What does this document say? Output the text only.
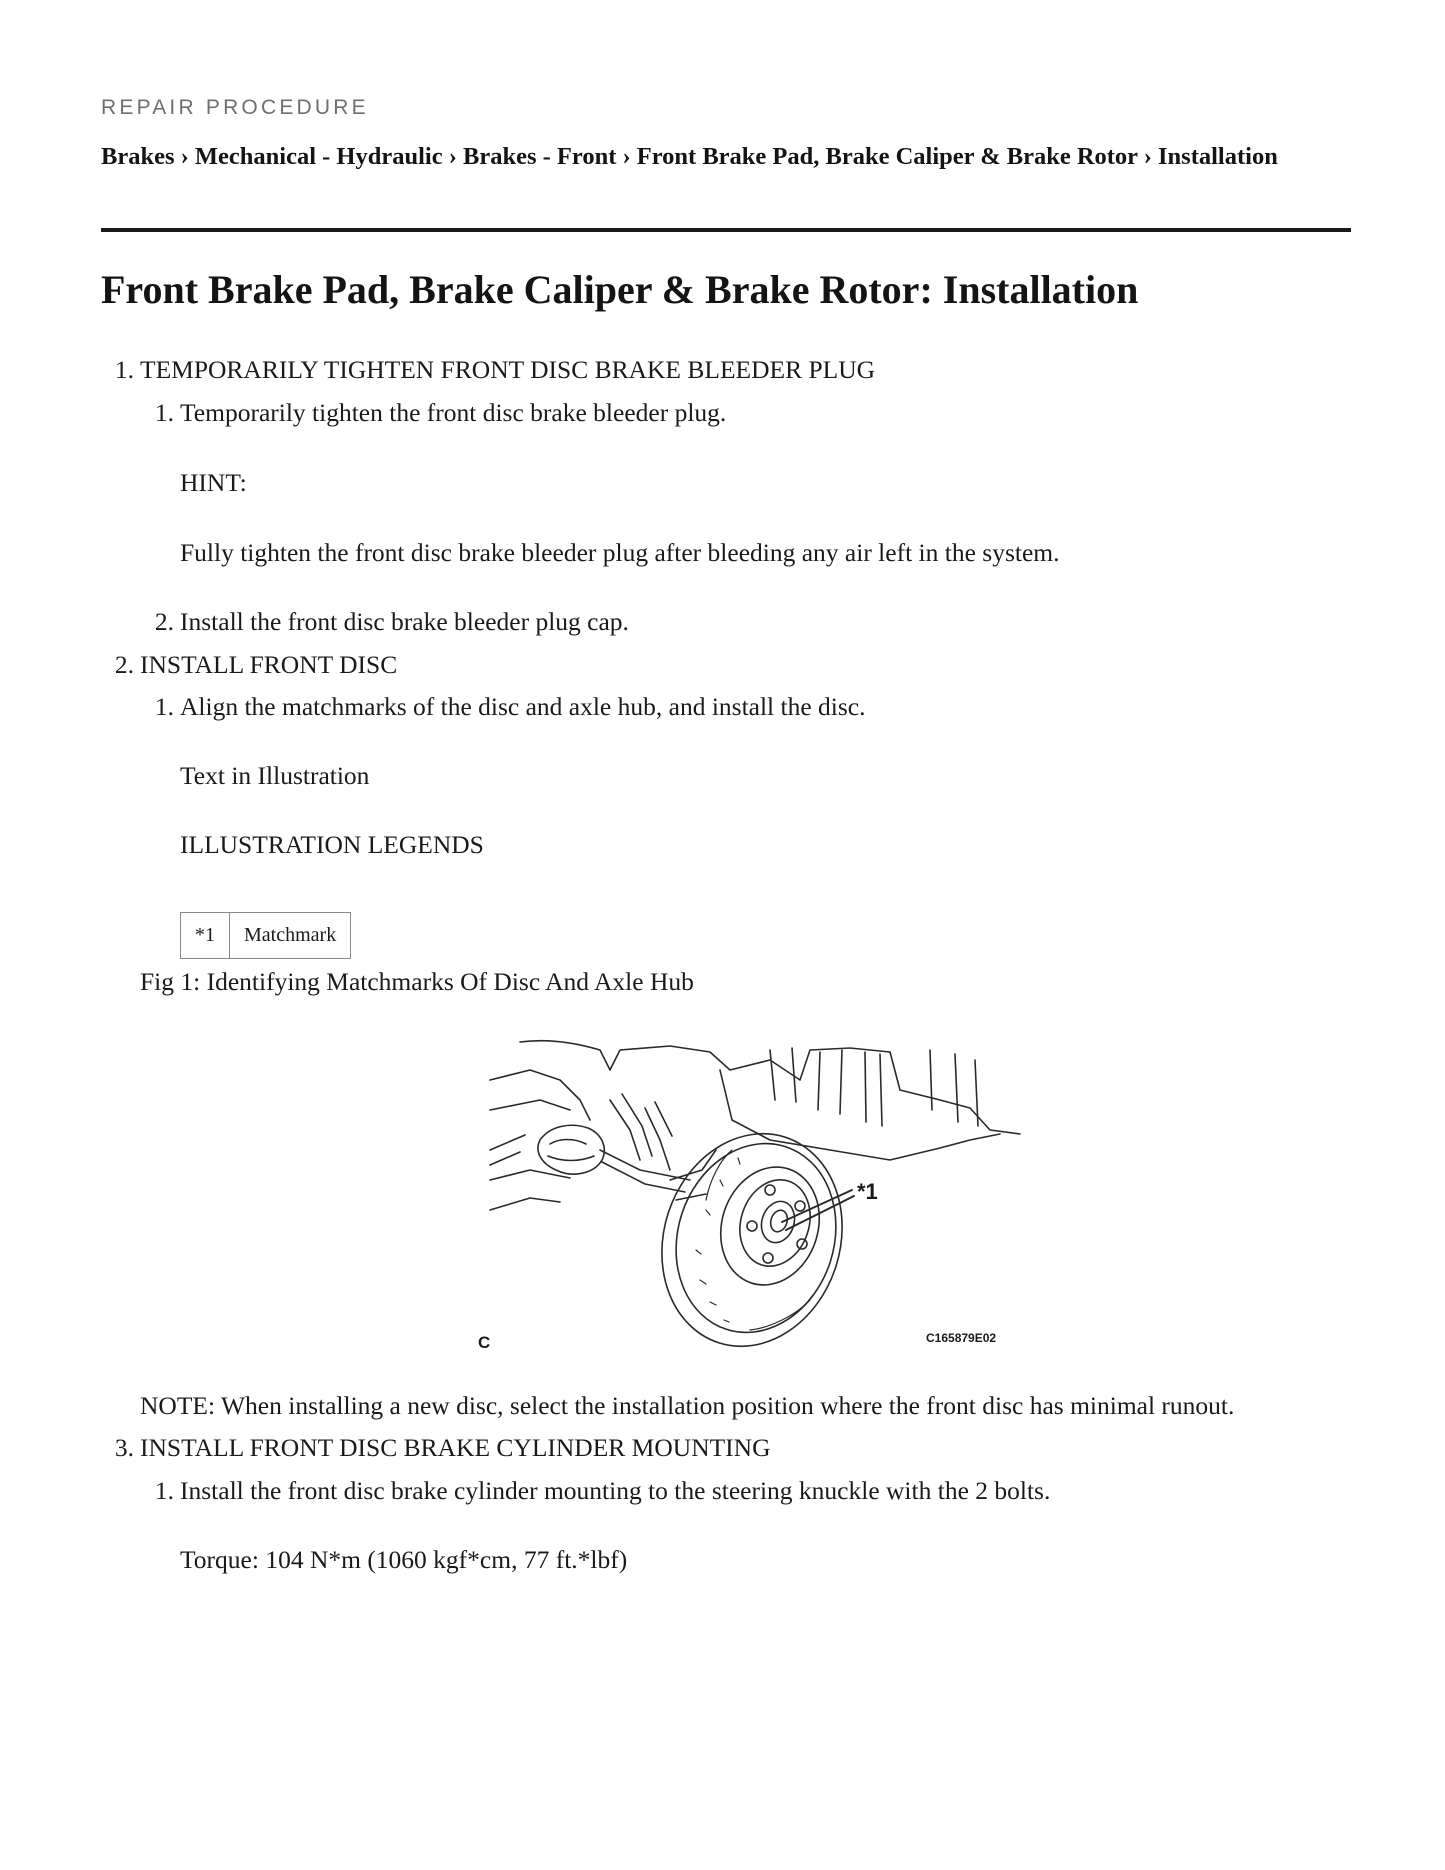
REPAIR PROCEDURE
Brakes › Mechanical - Hydraulic › Brakes - Front › Front Brake Pad, Brake Caliper & Brake Rotor › Installation
Front Brake Pad, Brake Caliper & Brake Rotor: Installation
1. TEMPORARILY TIGHTEN FRONT DISC BRAKE BLEEDER PLUG
1. Temporarily tighten the front disc brake bleeder plug.
HINT:
Fully tighten the front disc brake bleeder plug after bleeding any air left in the system.
2. Install the front disc brake bleeder plug cap.
2. INSTALL FRONT DISC
1. Align the matchmarks of the disc and axle hub, and install the disc.
Text in Illustration
ILLUSTRATION LEGENDS
*1	Matchmark
Fig 1: Identifying Matchmarks Of Disc And Axle Hub
*1
C	C165879E02
NOTE: When installing a new disc, select the installation position where the front disc has minimal runout.
3. INSTALL FRONT DISC BRAKE CYLINDER MOUNTING
1. Install the front disc brake cylinder mounting to the steering knuckle with the 2 bolts.
Torque: 104 N*m (1060 kgf*cm, 77 ft.*lbf)
